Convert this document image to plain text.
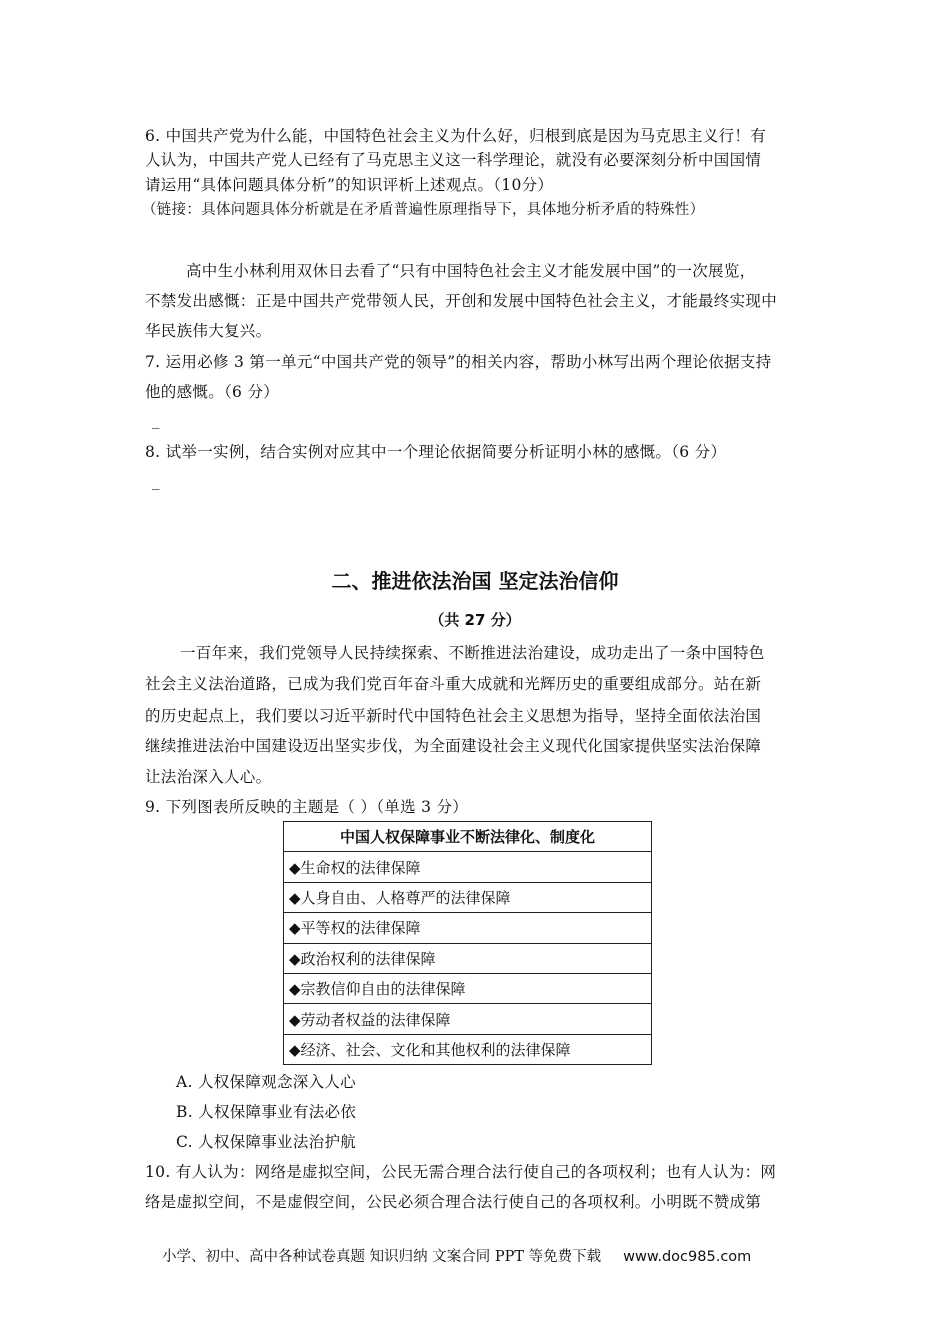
6. 中国共产党为什么能，中国特色社会主义为什么好，归根到底是因为马克思主义行！有
人认为，中国共产党人已经有了马克思主义这一科学理论，就没有必要深刻分析中国国情
请运用“具体问题具体分析”的知识评析上述观点。（10分）
（链接：具体问题具体分析就是在矛盾普遍性原理指导下，具体地分析矛盾的特殊性）
高中生小林利用双休日去看了“只有中国特色社会主义才能发展中国”的一次展览，
不禁发出感慨：正是中国共产党带领人民，开创和发展中国特色社会主义，才能最终实现中
华民族伟大复兴。
7. 运用必修 3 第一单元“中国共产党的领导”的相关内容，帮助小林写出两个理论依据支持
他的感慨。（6 分）
_
8. 试举一实例，结合实例对应其中一个理论依据简要分析证明小林的感慨。（6 分）
_
二、推进依法治国 坚定法治信仰
（共 27 分）
一百年来，我们党领导人民持续探索、不断推进法治建设，成功走出了一条中国特色
社会主义法治道路，已成为我们党百年奋斗重大成就和光辉历史的重要组成部分。站在新
的历史起点上，我们要以习近平新时代中国特色社会主义思想为指导，坚持全面依法治国
继续推进法治中国建设迈出坚实步伐，为全面建设社会主义现代化国家提供坚实法治保障
让法治深入人心。
9. 下列图表所反映的主题是（ ）（单选 3 分）
中国人权保障事业不断法律化、制度化
◆生命权的法律保障
◆人身自由、人格尊严的法律保障
◆平等权的法律保障
◆政治权利的法律保障
◆宗教信仰自由的法律保障
◆劳动者权益的法律保障
◆经济、社会、文化和其他权利的法律保障
A. 人权保障观念深入人心
B. 人权保障事业有法必依
C. 人权保障事业法治护航
10. 有人认为：网络是虚拟空间，公民无需合理合法行使自己的各项权利；也有人认为：网
络是虚拟空间，不是虚假空间，公民必须合理合法行使自己的各项权利。小明既不赞成第
小学、初中、高中各种试卷真题 知识归纳 文案合同 PPT 等免费下载 www.doc985.com
